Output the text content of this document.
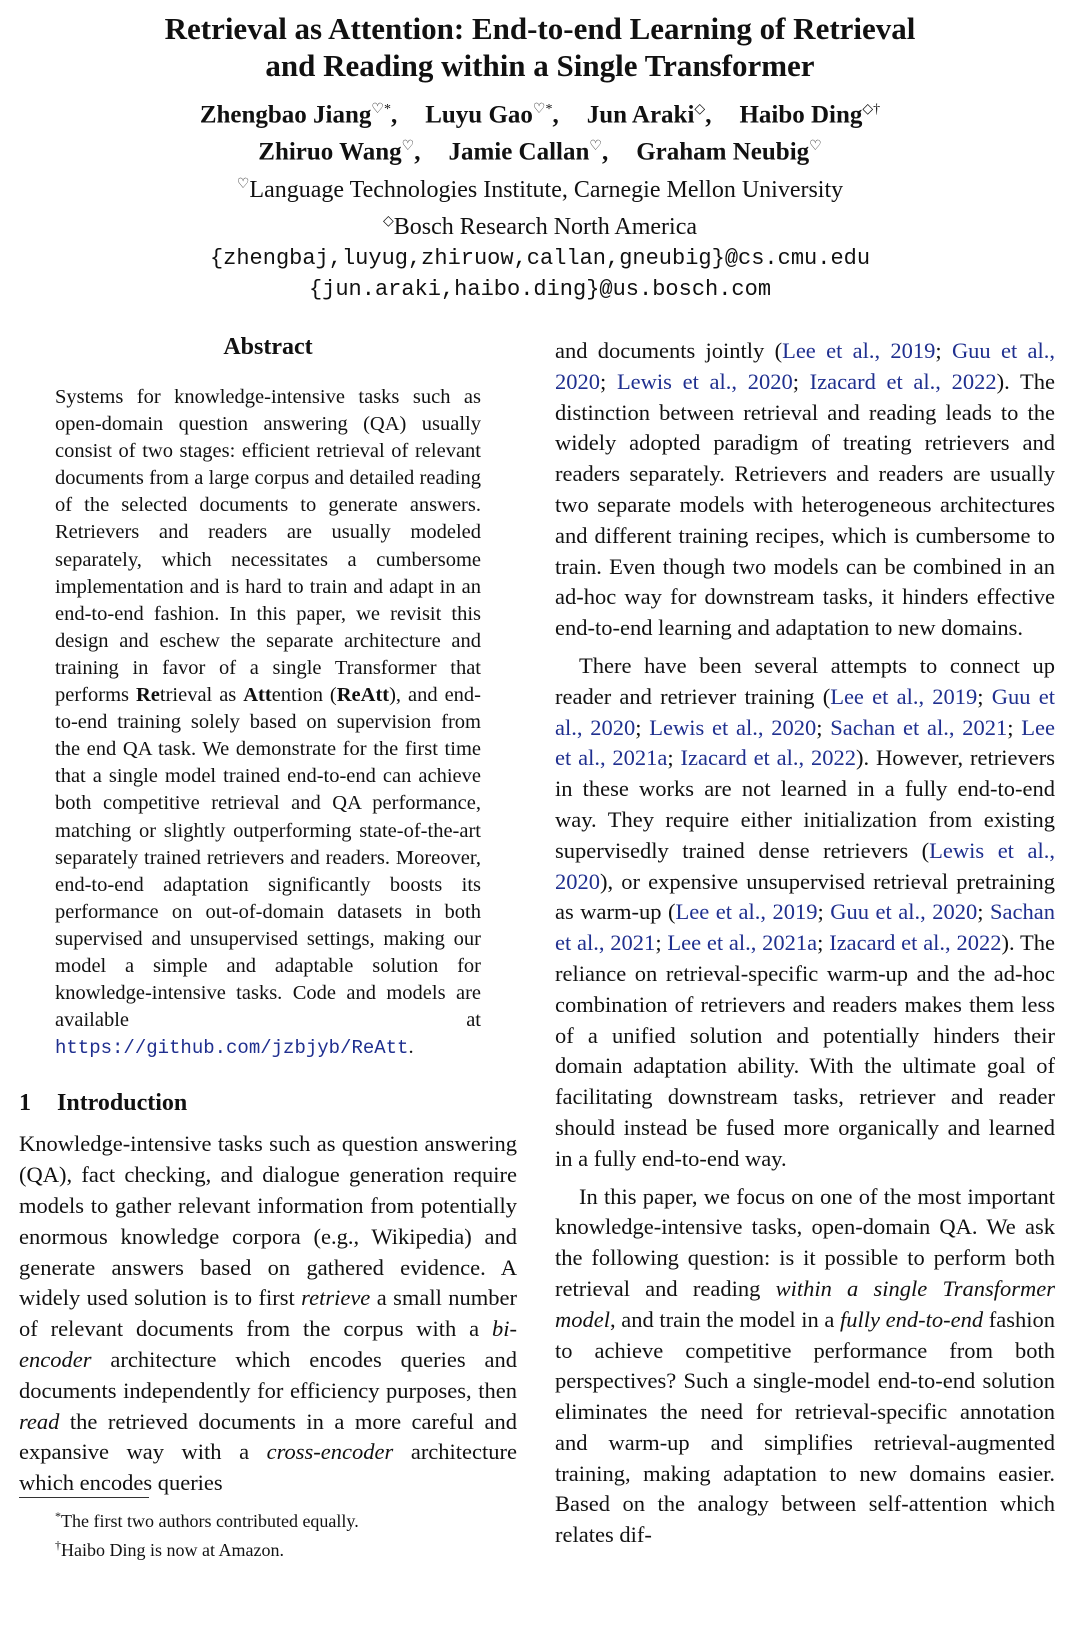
Retrieval as Attention: End-to-end Learning of Retrieval
and Reading within a Single Transformer
Zhengbao Jiang♡*, Luyu Gao♡*, Jun Araki◇, Haibo Ding◇†
Zhiruo Wang♡, Jamie Callan♡, Graham Neubig♡
♡Language Technologies Institute, Carnegie Mellon University
◇Bosch Research North America
{zhengbaj,luyug,zhiruow,callan,gneubig}@cs.cmu.edu
{jun.araki,haibo.ding}@us.bosch.com
Abstract

Systems for knowledge-intensive tasks such as open-domain question answering (QA) usually consist of two stages: efficient retrieval of relevant documents from a large corpus and detailed reading of the selected documents to generate answers. Retrievers and readers are usually modeled separately, which necessitates a cumbersome implementation and is hard to train and adapt in an end-to-end fashion. In this paper, we revisit this design and eschew the separate architecture and training in favor of a single Transformer that performs Retrieval as Attention (ReAtt), and end-to-end training solely based on supervision from the end QA task. We demonstrate for the first time that a single model trained end-to-end can achieve both competitive retrieval and QA performance, matching or slightly outperforming state-of-the-art separately trained retrievers and readers. Moreover, end-to-end adaptation significantly boosts its performance on out-of-domain datasets in both supervised and unsupervised settings, making our model a simple and adaptable solution for knowledge-intensive tasks. Code and models are available at https://github.com/jzbjyb/ReAtt.

1 Introduction

Knowledge-intensive tasks such as question answering (QA), fact checking, and dialogue generation require models to gather relevant information from potentially enormous knowledge corpora (e.g., Wikipedia) and generate answers based on gathered evidence. A widely used solution is to first retrieve a small number of relevant documents from the corpus with a bi-encoder architecture which encodes queries and documents independently for efficiency purposes, then read the retrieved documents in a more careful and expansive way with a cross-encoder architecture which encodes queries

and documents jointly (Lee et al., 2019; Guu et al., 2020; Lewis et al., 2020; Izacard et al., 2022). The distinction between retrieval and reading leads to the widely adopted paradigm of treating retrievers and readers separately. Retrievers and readers are usually two separate models with heterogeneous architectures and different training recipes, which is cumbersome to train. Even though two models can be combined in an ad-hoc way for downstream tasks, it hinders effective end-to-end learning and adaptation to new domains.

There have been several attempts to connect up reader and retriever training (Lee et al., 2019; Guu et al., 2020; Lewis et al., 2020; Sachan et al., 2021; Lee et al., 2021a; Izacard et al., 2022). However, retrievers in these works are not learned in a fully end-to-end way. They require either initialization from existing supervisedly trained dense retrievers (Lewis et al., 2020), or expensive unsupervised retrieval pretraining as warm-up (Lee et al., 2019; Guu et al., 2020; Sachan et al., 2021; Lee et al., 2021a; Izacard et al., 2022). The reliance on retrieval-specific warm-up and the ad-hoc combination of retrievers and readers makes them less of a unified solution and potentially hinders their domain adaptation ability. With the ultimate goal of facilitating downstream tasks, retriever and reader should instead be fused more organically and learned in a fully end-to-end way.

In this paper, we focus on one of the most important knowledge-intensive tasks, open-domain QA. We ask the following question: is it possible to perform both retrieval and reading within a single Transformer model, and train the model in a fully end-to-end fashion to achieve competitive performance from both perspectives? Such a single-model end-to-end solution eliminates the need for retrieval-specific annotation and warm-up and simplifies retrieval-augmented training, making adaptation to new domains easier. Based on the analogy between self-attention which relates dif-

*The first two authors contributed equally.
†Haibo Ding is now at Amazon.
